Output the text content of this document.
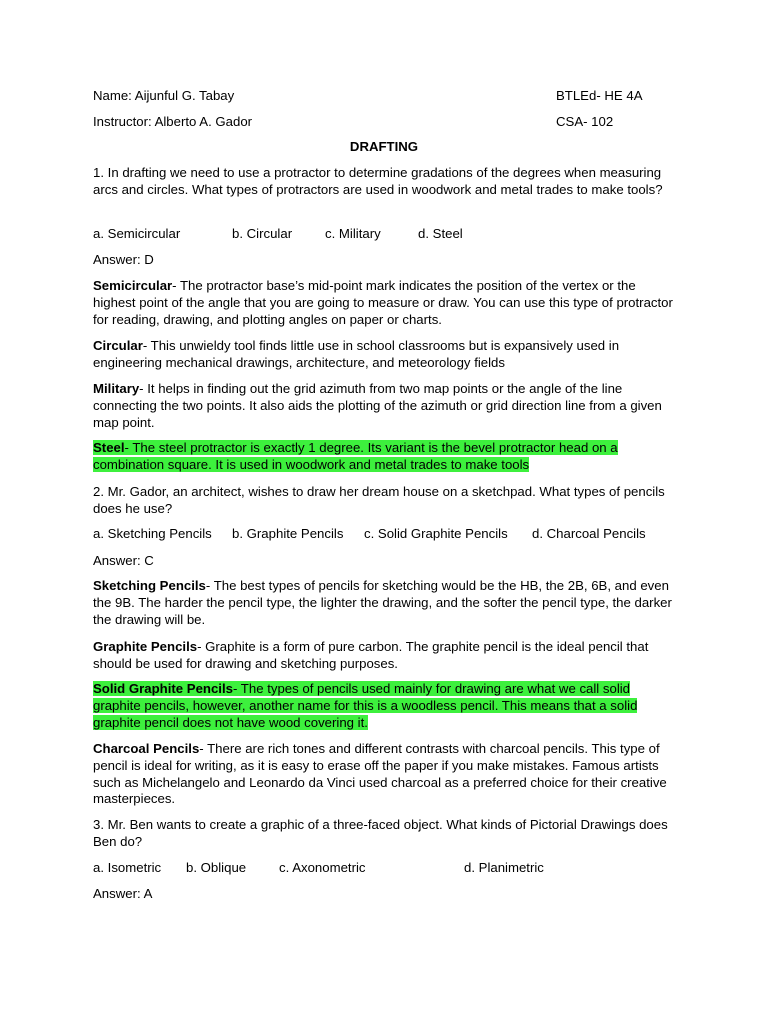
Name: Aijunful G. Tabay	BTLEd- HE 4A
Instructor: Alberto A. Gador	CSA- 102
DRAFTING

1. In drafting we need to use a protractor to determine gradations of the degrees when measuring arcs and circles. What types of protractors are used in woodwork and metal trades to make tools?

a. Semicircular	b. Circular c. Military	d. Steel

Answer: D

Semicircular- The protractor base’s mid-point mark indicates the position of the vertex or the highest point of the angle that you are going to measure or draw. You can use this type of protractor for reading, drawing, and plotting angles on paper or charts.

Circular- This unwieldy tool finds little use in school classrooms but is expansively used in engineering mechanical drawings, architecture, and meteorology fields

Military- It helps in finding out the grid azimuth from two map points or the angle of the line connecting the two points. It also aids the plotting of the azimuth or grid direction line from a given map point.

Steel- The steel protractor is exactly 1 degree. Its variant is the bevel protractor head on a combination square. It is used in woodwork and metal trades to make tools

2. Mr. Gador, an architect, wishes to draw her dream house on a sketchpad. What types of pencils does he use?

a. Sketching Pencils b. Graphite Pencils c. Solid Graphite Pencils d. Charcoal Pencils

Answer: C

Sketching Pencils- The best types of pencils for sketching would be the HB, the 2B, 6B, and even the 9B. The harder the pencil type, the lighter the drawing, and the softer the pencil type, the darker the drawing will be.

Graphite Pencils- Graphite is a form of pure carbon. The graphite pencil is the ideal pencil that should be used for drawing and sketching purposes.

Solid Graphite Pencils- The types of pencils used mainly for drawing are what we call solid graphite pencils, however, another name for this is a woodless pencil. This means that a solid graphite pencil does not have wood covering it.

Charcoal Pencils- There are rich tones and different contrasts with charcoal pencils. This type of pencil is ideal for writing, as it is easy to erase off the paper if you make mistakes. Famous artists such as Michelangelo and Leonardo da Vinci used charcoal as a preferred choice for their creative masterpieces.

3. Mr. Ben wants to create a graphic of a three-faced object. What kinds of Pictorial Drawings does Ben do?

a. Isometric b. Oblique c. Axonometric	d. Planimetric

Answer: A
